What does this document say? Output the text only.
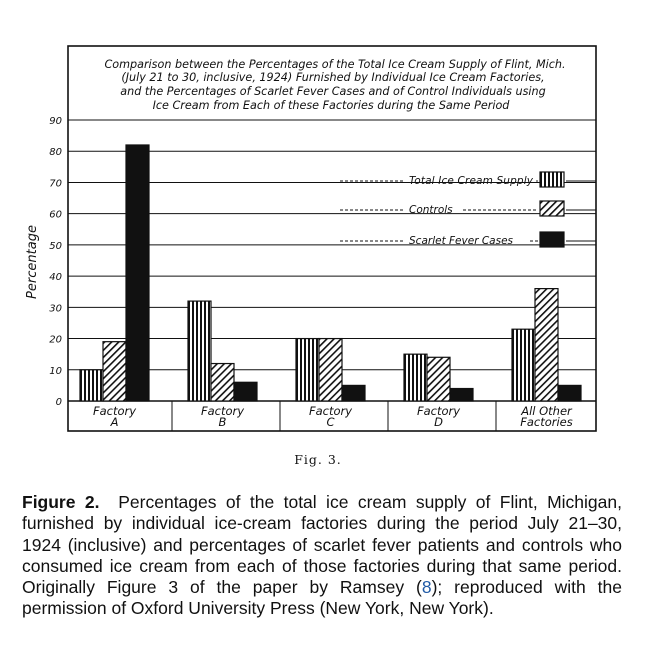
Comparison between the Percentages of the Total Ice Cream Supply of Flint, Mich.
(July 21 to 30, inclusive, 1924) Furnished by Individual Ice Cream Factories,
and the Percentages of Scarlet Fever Cases and of Control Individuals using
Ice Cream from Each of these Factories during the Same Period
Percentage
0
10
20
30
40
50
60
70
80
90
Factory
A
Factory
B
Factory
C
Factory
D
All Other
Factories
Total Ice Cream Supply
Controls
Scarlet Fever Cases
Fig. 3.
Figure 2. Percentages of the total ice cream supply of Flint, Michigan, furnished by individual ice-cream factories during the period July 21–30, 1924 (inclusive) and percentages of scarlet fever patients and controls who consumed ice cream from each of those factories during that same period. Originally Figure 3 of the paper by Ramsey (8); reproduced with the permission of Oxford University Press (New York, New York).
